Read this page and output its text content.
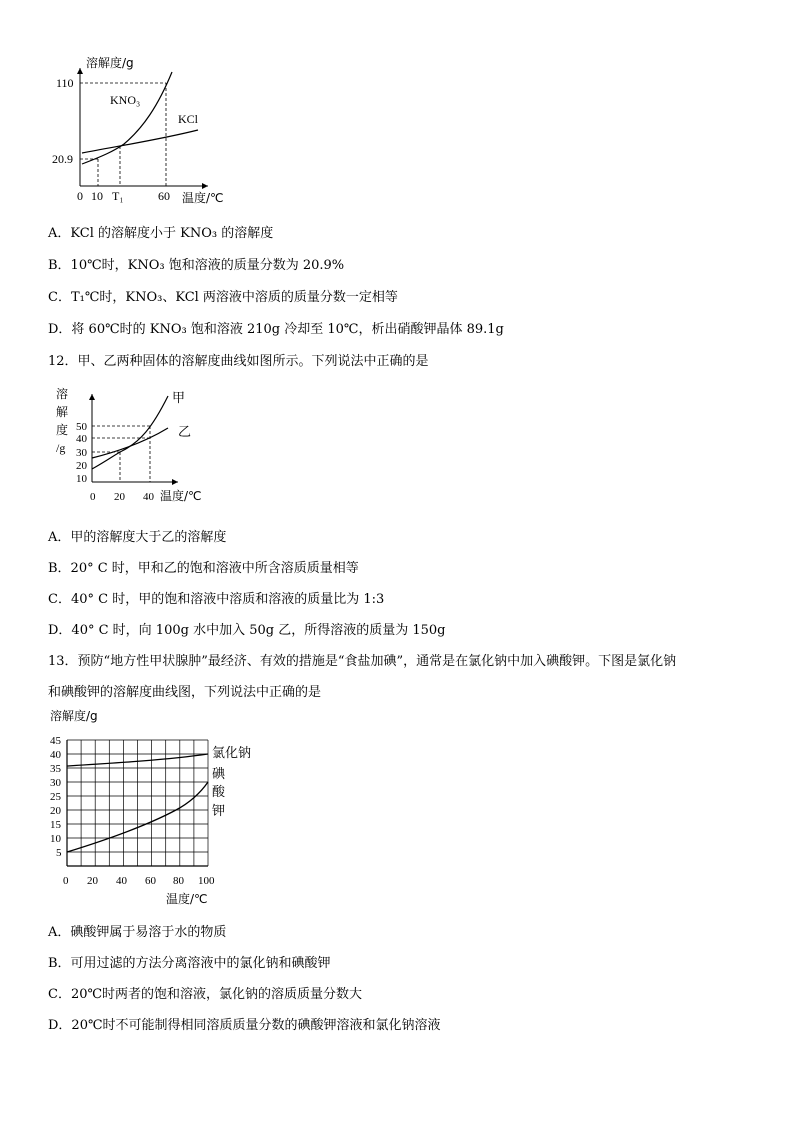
溶解度/g
110
20.9
KNO₃
KCl
0 10 T₁	60 温度/℃
A．KCl 的溶解度小于 KNO₃ 的溶解度
B．10℃时，KNO₃ 饱和溶液的质量分数为 20.9%
C．T₁℃时，KNO₃、KCl 两溶液中溶质的质量分数一定相等
D．将 60℃时的 KNO₃ 饱和溶液 210g 冷却至 10℃，析出硝酸钾晶体 89.1g
12．甲、乙两种固体的溶解度曲线如图所示。下列说法中正确的是
溶
解
度
/g
50
40
30
20
10
甲
乙
0 20 40 温度/℃
A．甲的溶解度大于乙的溶解度
B．20° C 时，甲和乙的饱和溶液中所含溶质质量相等
C．40° C 时，甲的饱和溶液中溶质和溶液的质量比为 1:3
D．40° C 时，向 100g 水中加入 50g 乙，所得溶液的质量为 150g
13．预防“地方性甲状腺肿”最经济、有效的措施是“食盐加碘”，通常是在氯化钠中加入碘酸钾。下图是氯化钠
和碘酸钾的溶解度曲线图，下列说法中正确的是
溶解度/g
45
40
35
30
25
20
15
10
5
氯化钠
碘
酸
钾
0 20 40 60 80 100
温度/℃
A．碘酸钾属于易溶于水的物质
B．可用过滤的方法分离溶液中的氯化钠和碘酸钾
C．20℃时两者的饱和溶液，氯化钠的溶质质量分数大
D．20℃时不可能制得相同溶质质量分数的碘酸钾溶液和氯化钠溶液
